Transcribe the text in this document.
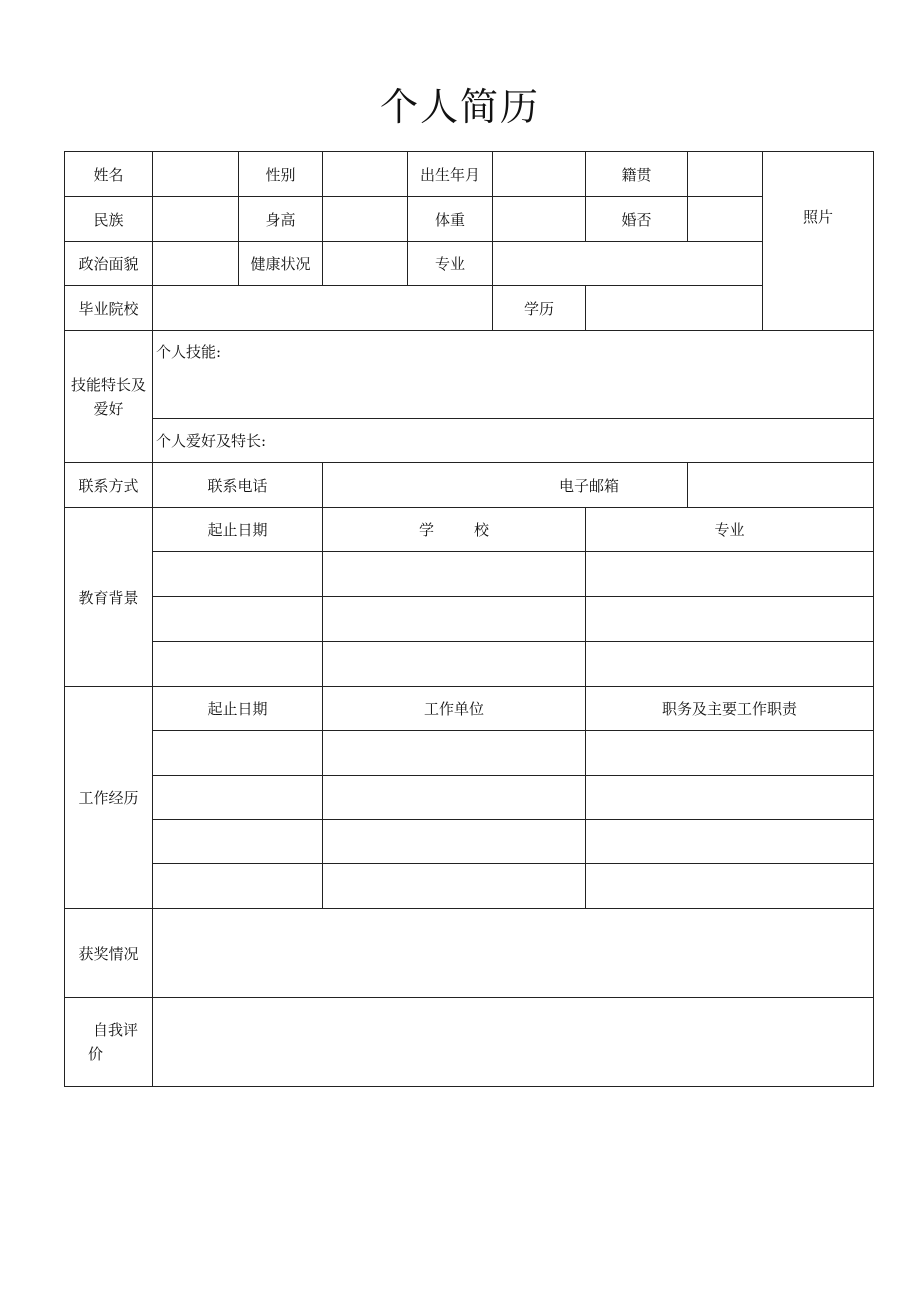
个人简历
姓名		性别		出生年月		籍贯		照片
民族		身高		体重		婚否		
政治面貌		健康状况		专业				
毕业院校					学历			
技能特长及爱好	个人技能:							

	个人爱好及特长:							
联系方式	联系电话		电子邮箱					
教育背景	起止日期		学 校			专业		

工作经历	起止日期		工作单位			职务及主要工作职责		

获奖情况								

自我评
价								
